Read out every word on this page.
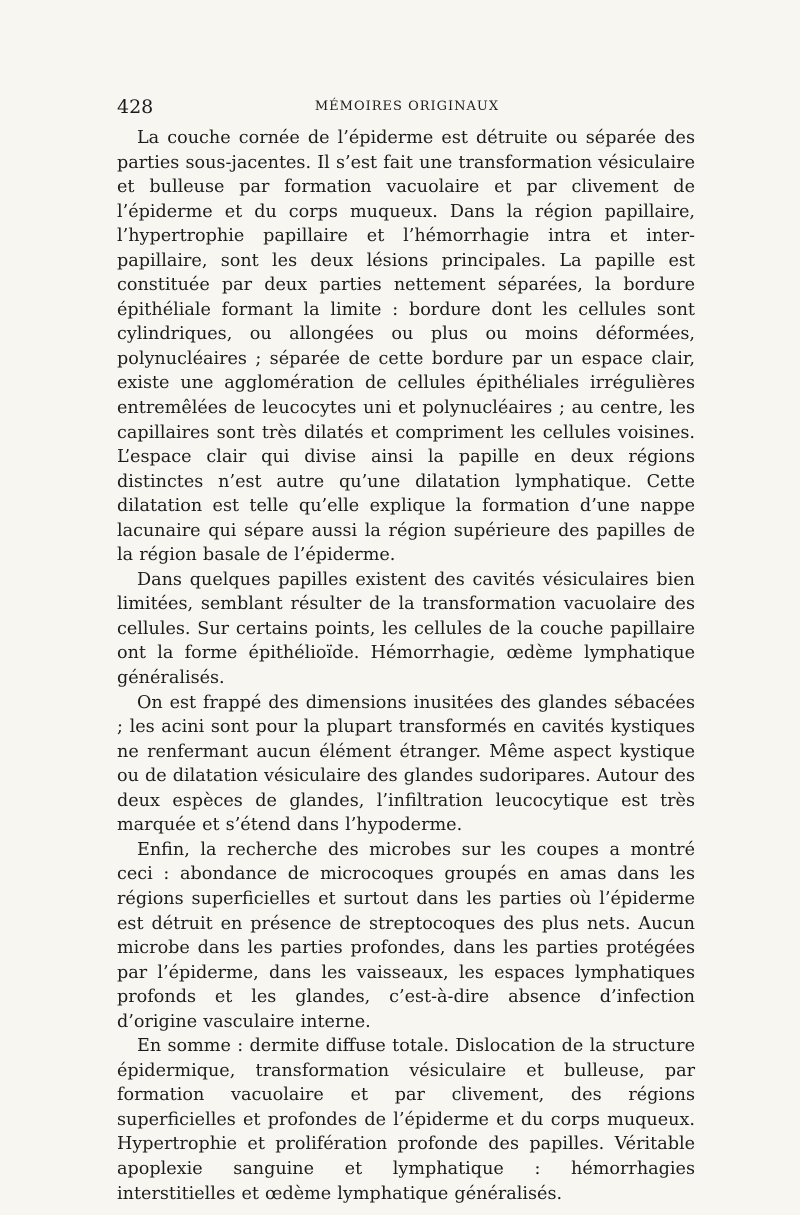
428	MÉMOIRES ORIGINAUX

La couche cornée de l’épiderme est détruite ou séparée des parties sous-jacentes. Il s’est fait une transformation vésiculaire et bulleuse par formation vacuolaire et par clivement de l’épiderme et du corps muqueux. Dans la région papillaire, l’hypertrophie papillaire et l’hémorrhagie intra et inter-papillaire, sont les deux lésions principales. La papille est constituée par deux parties nettement séparées, la bordure épithéliale formant la limite : bordure dont les cellules sont cylindriques, ou allongées ou plus ou moins déformées, polynucléaires ; séparée de cette bordure par un espace clair, existe une agglomération de cellules épithéliales irrégulières entremêlées de leucocytes uni et polynucléaires ; au centre, les capillaires sont très dilatés et compriment les cellules voisines. L’espace clair qui divise ainsi la papille en deux régions distinctes n’est autre qu’une dilatation lymphatique. Cette dilatation est telle qu’elle explique la formation d’une nappe lacunaire qui sépare aussi la région supérieure des papilles de la région basale de l’épiderme.

Dans quelques papilles existent des cavités vésiculaires bien limitées, semblant résulter de la transformation vacuolaire des cellules. Sur certains points, les cellules de la couche papillaire ont la forme épithélioïde. Hémorrhagie, œdème lymphatique généralisés.

On est frappé des dimensions inusitées des glandes sébacées ; les acini sont pour la plupart transformés en cavités kystiques ne renfermant aucun élément étranger. Même aspect kystique ou de dilatation vésiculaire des glandes sudoripares. Autour des deux espèces de glandes, l’infiltration leucocytique est très marquée et s’étend dans l’hypoderme.

Enfin, la recherche des microbes sur les coupes a montré ceci : abondance de microcoques groupés en amas dans les régions superficielles et surtout dans les parties où l’épiderme est détruit en présence de streptocoques des plus nets. Aucun microbe dans les parties profondes, dans les parties protégées par l’épiderme, dans les vaisseaux, les espaces lymphatiques profonds et les glandes, c’est-à-dire absence d’infection d’origine vasculaire interne.

En somme : dermite diffuse totale. Dislocation de la structure épidermique, transformation vésiculaire et bulleuse, par formation vacuolaire et par clivement, des régions superficielles et profondes de l’épiderme et du corps muqueux. Hypertrophie et prolifération profonde des papilles. Véritable apoplexie sanguine et lymphatique : hémorrhagies interstitielles et œdème lymphatique généralisés.
